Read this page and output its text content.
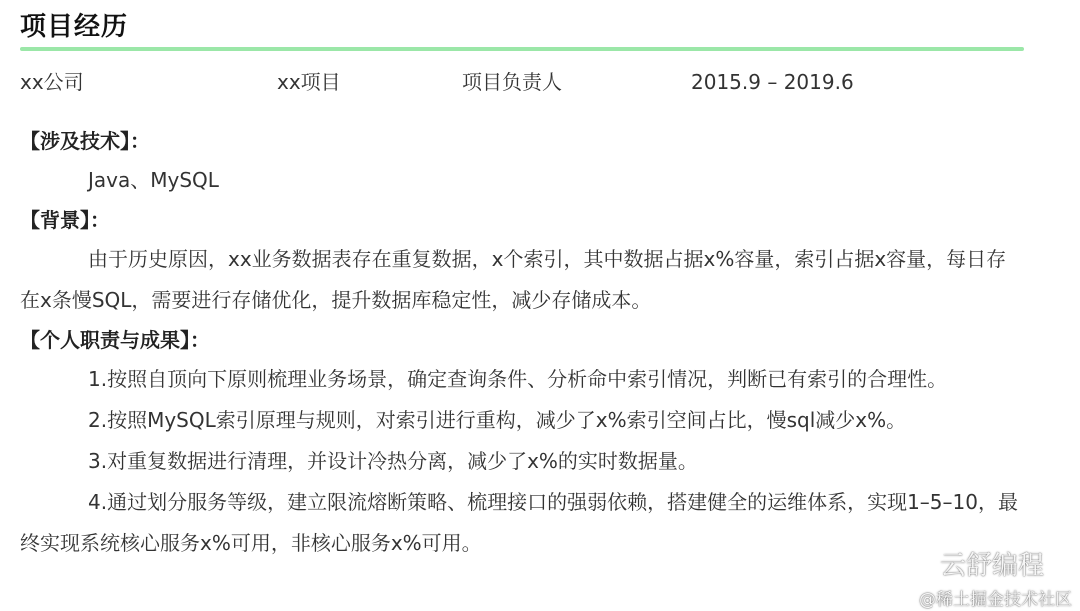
项目经历
xx公司	xx项目	项目负责人	2015.9 – 2019.6

【涉及技术】：

Java、MySQL

【背景】：

由于历史原因，xx业务数据表存在重复数据，x个索引，其中数据占据x%容量，索引占据x容量，每日存在x条慢SQL，需要进行存储优化，提升数据库稳定性，减少存储成本。

【个人职责与成果】：

1.按照自顶向下原则梳理业务场景，确定查询条件、分析命中索引情况，判断已有索引的合理性。

2.按照MySQL索引原理与规则，对索引进行重构，减少了x%索引空间占比，慢sql减少x%。

3.对重复数据进行清理，并设计冷热分离，减少了x%的实时数据量。

4.通过划分服务等级，建立限流熔断策略、梳理接口的强弱依赖，搭建健全的运维体系，实现1–5–10，最终实现系统核心服务x%可用，非核心服务x%可用。

云舒编程
@稀土掘金技术社区
